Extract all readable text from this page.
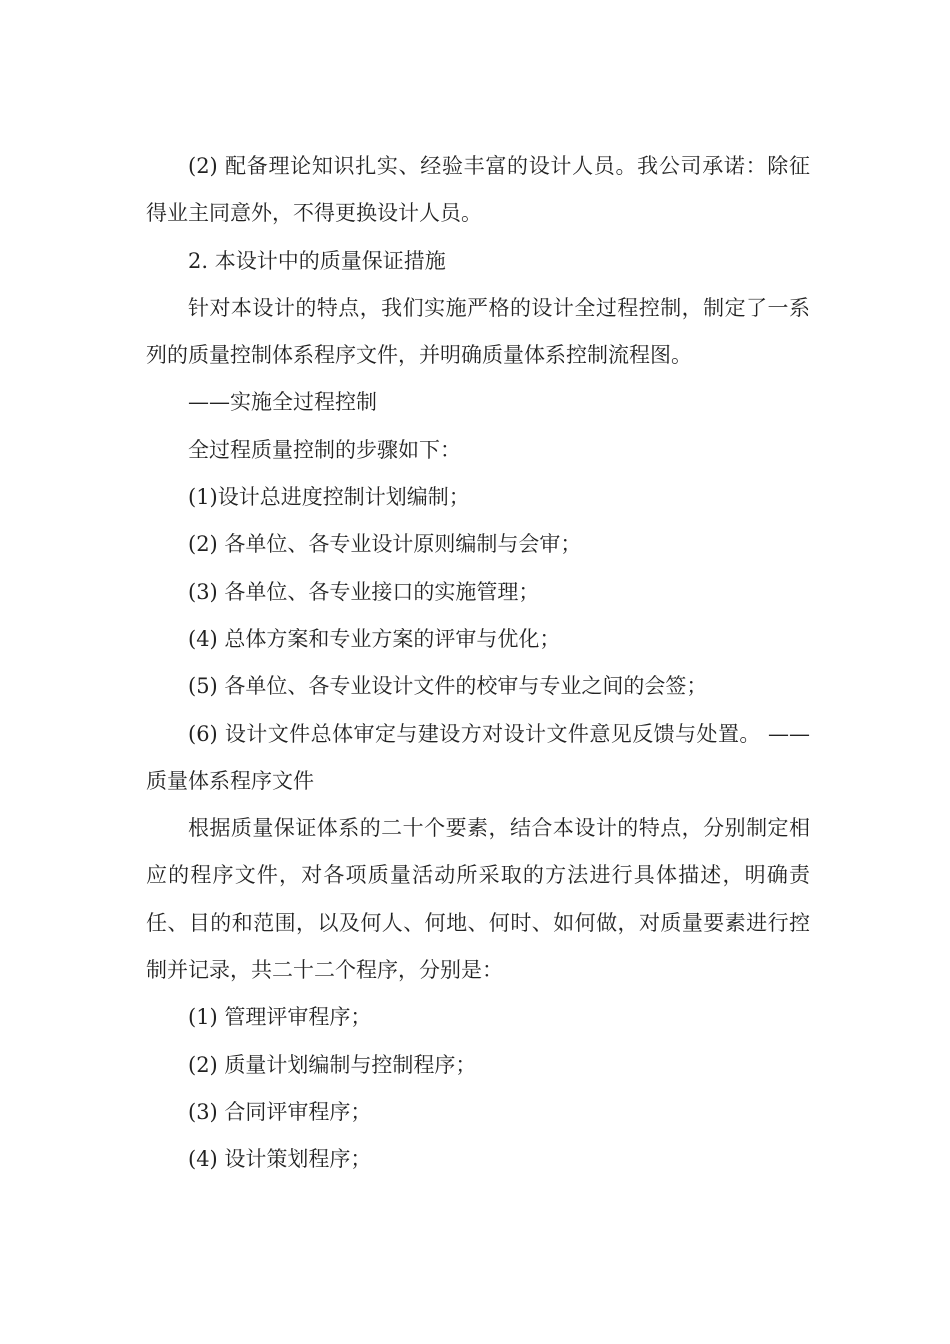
(2) 配备理论知识扎实、经验丰富的设计人员。我公司承诺：除征得业主同意外，不得更换设计人员。

2. 本设计中的质量保证措施

针对本设计的特点，我们实施严格的设计全过程控制，制定了一系列的质量控制体系程序文件，并明确质量体系控制流程图。

——实施全过程控制

全过程质量控制的步骤如下：

(1)设计总进度控制计划编制；

(2) 各单位、各专业设计原则编制与会审；

(3) 各单位、各专业接口的实施管理；

(4) 总体方案和专业方案的评审与优化；

(5) 各单位、各专业设计文件的校审与专业之间的会签；

(6) 设计文件总体审定与建设方对设计文件意见反馈与处置。 ——质量体系程序文件

根据质量保证体系的二十个要素，结合本设计的特点，分别制定相应的程序文件，对各项质量活动所采取的方法进行具体描述，明确责任、目的和范围，以及何人、何地、何时、如何做，对质量要素进行控制并记录，共二十二个程序，分别是：

(1) 管理评审程序；

(2) 质量计划编制与控制程序；

(3) 合同评审程序；

(4) 设计策划程序；
